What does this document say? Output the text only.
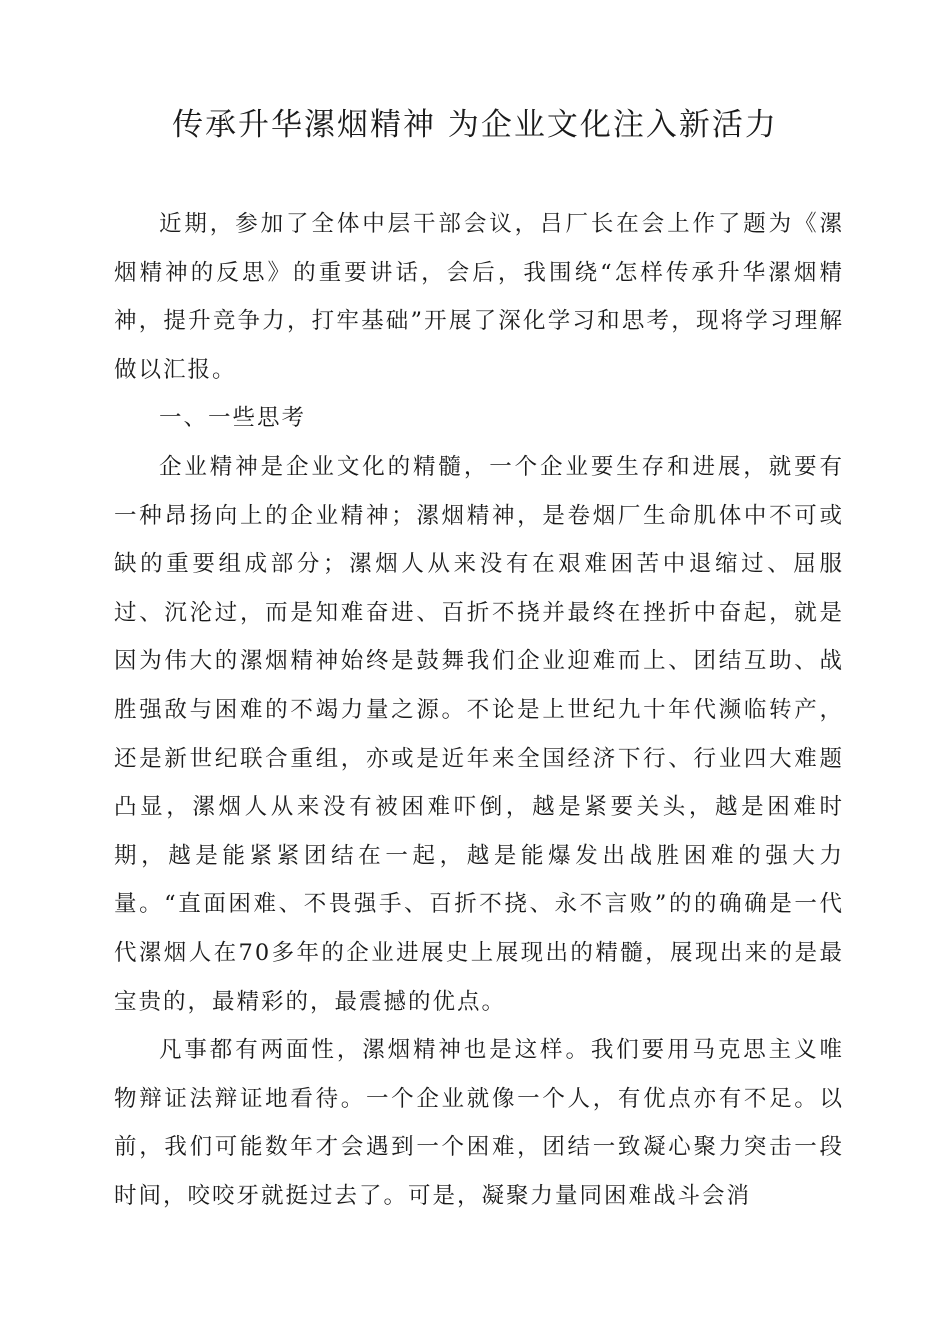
传承升华漯烟精神 为企业文化注入新活力

近期，参加了全体中层干部会议，吕厂长在会上作了题为《漯烟精神的反思》的重要讲话，会后，我围绕“怎样传承升华漯烟精神，提升竞争力，打牢基础”开展了深化学习和思考，现将学习理解做以汇报。

一、一些思考

企业精神是企业文化的精髓，一个企业要生存和进展，就要有一种昂扬向上的企业精神；漯烟精神，是卷烟厂生命肌体中不可或缺的重要组成部分；漯烟人从来没有在艰难困苦中退缩过、屈服过、沉沦过，而是知难奋进、百折不挠并最终在挫折中奋起，就是因为伟大的漯烟精神始终是鼓舞我们企业迎难而上、团结互助、战胜强敌与困难的不竭力量之源。不论是上世纪九十年代濒临转产，还是新世纪联合重组，亦或是近年来全国经济下行、行业四大难题凸显，漯烟人从来没有被困难吓倒，越是紧要关头，越是困难时期，越是能紧紧团结在一起，越是能爆发出战胜困难的强大力量。“直面困难、不畏强手、百折不挠、永不言败”的的确确是一代代漯烟人在70多年的企业进展史上展现出的精髓，展现出来的是最宝贵的，最精彩的，最震撼的优点。

凡事都有两面性，漯烟精神也是这样。我们要用马克思主义唯物辩证法辩证地看待。一个企业就像一个人，有优点亦有不足。以前，我们可能数年才会遇到一个困难，团结一致凝心聚力突击一段时间，咬咬牙就挺过去了。可是，凝聚力量同困难战斗会消
